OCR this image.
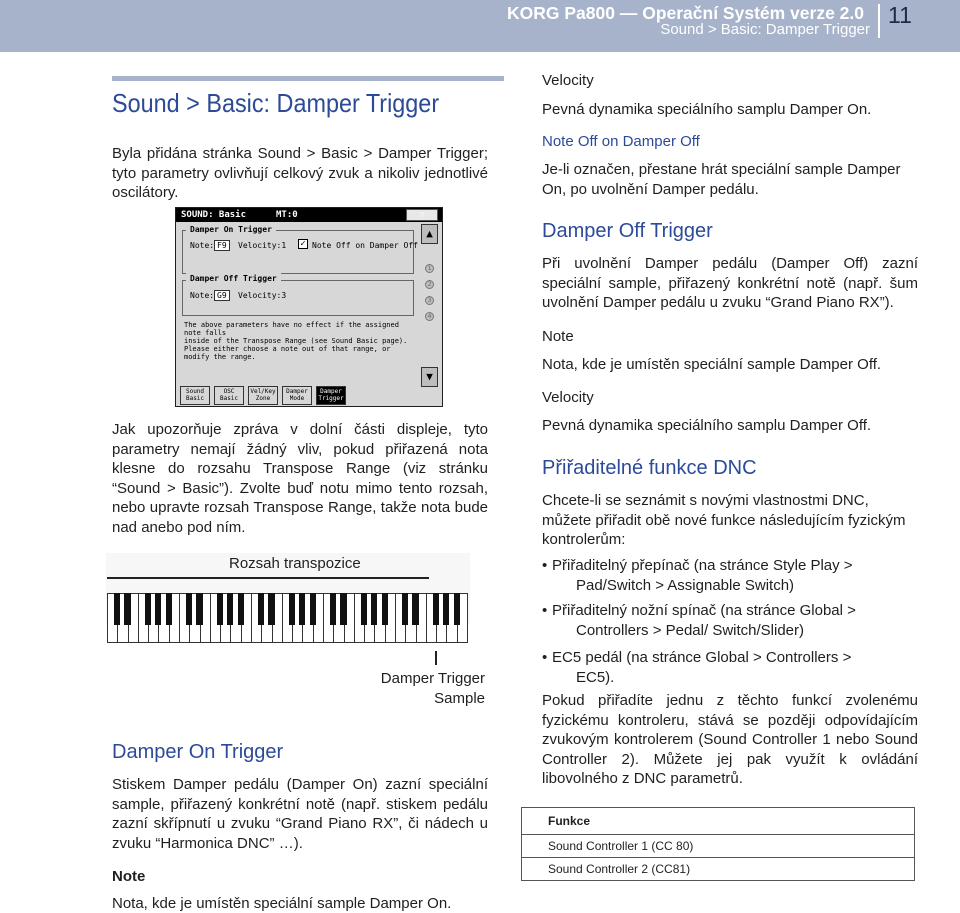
KORG Pa800 — Operační Systém verze 2.0
Sound > Basic: Damper Trigger
11
Sound > Basic: Damper Trigger
Byla přidána stránka Sound > Basic > Damper Trigger; tyto parametry ovlivňují celkový zvuk a nikoliv jednotlivé oscilátory.
SOUND: Basic	MT:0	▽
Damper On Trigger
Note: F9	Velocity:1 ✓ Note Off on Damper Off
Damper Off Trigger
Note: G9	Velocity:3
The above parameters have no effect if the assigned note falls
inside of the Transpose Range (see Sound Basic page).
Please either choose a note out of that range, or modify the range.
▲
1
2
3
4
▼
Sound Basic
OSC Basic
Vel/Key Zone
Damper Mode
Damper Trigger
Jak upozorňuje zpráva v dolní části displeje, tyto parametry nemají žádný vliv, pokud přiřazená nota klesne do rozsahu Transpose Range (viz stránku “Sound > Basic”). Zvolte buď notu mimo tento rozsah, nebo upravte rozsah Transpose Range, takže nota bude nad anebo pod ním.
Rozsah transpozice
Damper Trigger Sample
Damper On Trigger
Stiskem Damper pedálu (Damper On) zazní speciální sample, přiřazený konkrétní notě (např. stiskem pedálu zazní skřípnutí u zvuku “Grand Piano RX”, či nádech u zvuku “Harmonica DNC” …).
Note
Nota, kde je umístěn speciální sample Damper On.
Velocity
Pevná dynamika speciálního samplu Damper On.
Note Off on Damper Off
Je-li označen, přestane hrát speciální sample Damper On, po uvolnění Damper pedálu.
Damper Off Trigger
Při uvolnění Damper pedálu (Damper Off) zazní speciální sample, přiřazený konkrétní notě (např. šum uvolnění Damper pedálu u zvuku “Grand Piano RX”).
Note
Nota, kde je umístěn speciální sample Damper Off.
Velocity
Pevná dynamika speciálního samplu Damper Off.
Přiřaditelné funkce DNC
Chcete-li se seznámit s novými vlastnostmi DNC, můžete přiřadit obě nové funkce následujícím fyzickým kontrolerům:
• Přiřaditelný přepínač (na stránce Style Play >
Pad/Switch > Assignable Switch)
• Přiřaditelný nožní spínač (na stránce Global >
Controllers > Pedal/ Switch/Slider)
• EC5 pedál (na stránce Global > Controllers >
EC5).
Pokud přiřadíte jednu z těchto funkcí zvolenému fyzickému kontroleru, stává se později odpovídajícím zvukovým kontrolerem (Sound Controller 1 nebo Sound Controller 2). Můžete jej pak využít k ovládání libovolného z DNC parametrů.
Funkce
Sound Controller 1 (CC 80)
Sound Controller 2 (CC81)
